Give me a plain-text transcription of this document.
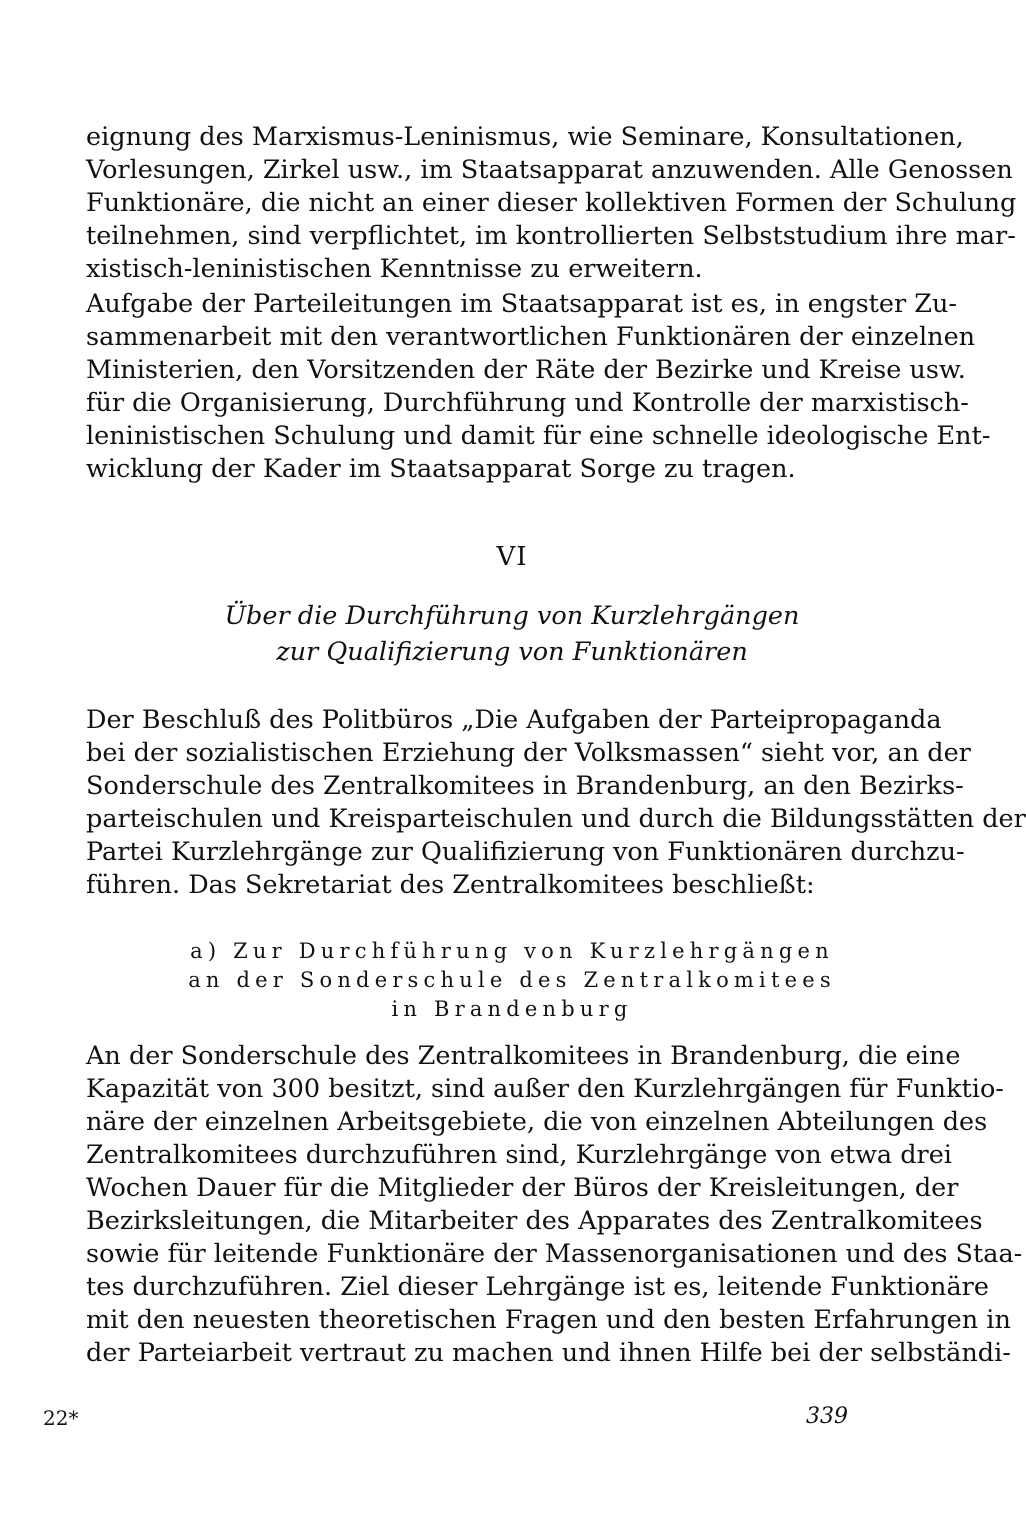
eignung des Marxismus-Leninismus, wie Seminare, Konsultationen,
Vorlesungen, Zirkel usw., im Staatsapparat anzuwenden. Alle Genossen
Funktionäre, die nicht an einer dieser kollektiven Formen der Schulung
teilnehmen, sind verpflichtet, im kontrollierten Selbststudium ihre mar-
xistisch-leninistischen Kenntnisse zu erweitern.
Aufgabe der Parteileitungen im Staatsapparat ist es, in engster Zu-
sammenarbeit mit den verantwortlichen Funktionären der einzelnen
Ministerien, den Vorsitzenden der Räte der Bezirke und Kreise usw.
für die Organisierung, Durchführung und Kontrolle der marxistisch-
leninistischen Schulung und damit für eine schnelle ideologische Ent-
wicklung der Kader im Staatsapparat Sorge zu tragen.
VI
Über die Durchführung von Kurzlehrgängen
zur Qualifizierung von Funktionären
Der Beschluß des Politbüros „Die Aufgaben der Parteipropaganda
bei der sozialistischen Erziehung der Volksmassen“ sieht vor, an der
Sonderschule des Zentralkomitees in Brandenburg, an den Bezirks-
parteischulen und Kreisparteischulen und durch die Bildungsstätten der
Partei Kurzlehrgänge zur Qualifizierung von Funktionären durchzu-
führen. Das Sekretariat des Zentralkomitees beschließt:
a) Zur Durchführung von Kurzlehrgängen
an der Sonderschule des Zentralkomitees
in Brandenburg
An der Sonderschule des Zentralkomitees in Brandenburg, die eine
Kapazität von 300 besitzt, sind außer den Kurzlehrgängen für Funktio-
näre der einzelnen Arbeitsgebiete, die von einzelnen Abteilungen des
Zentralkomitees durchzuführen sind, Kurzlehrgänge von etwa drei
Wochen Dauer für die Mitglieder der Büros der Kreisleitungen, der
Bezirksleitungen, die Mitarbeiter des Apparates des Zentralkomitees
sowie für leitende Funktionäre der Massenorganisationen und des Staa-
tes durchzuführen. Ziel dieser Lehrgänge ist es, leitende Funktionäre
mit den neuesten theoretischen Fragen und den besten Erfahrungen in
der Parteiarbeit vertraut zu machen und ihnen Hilfe bei der selbständi-
22*	339
